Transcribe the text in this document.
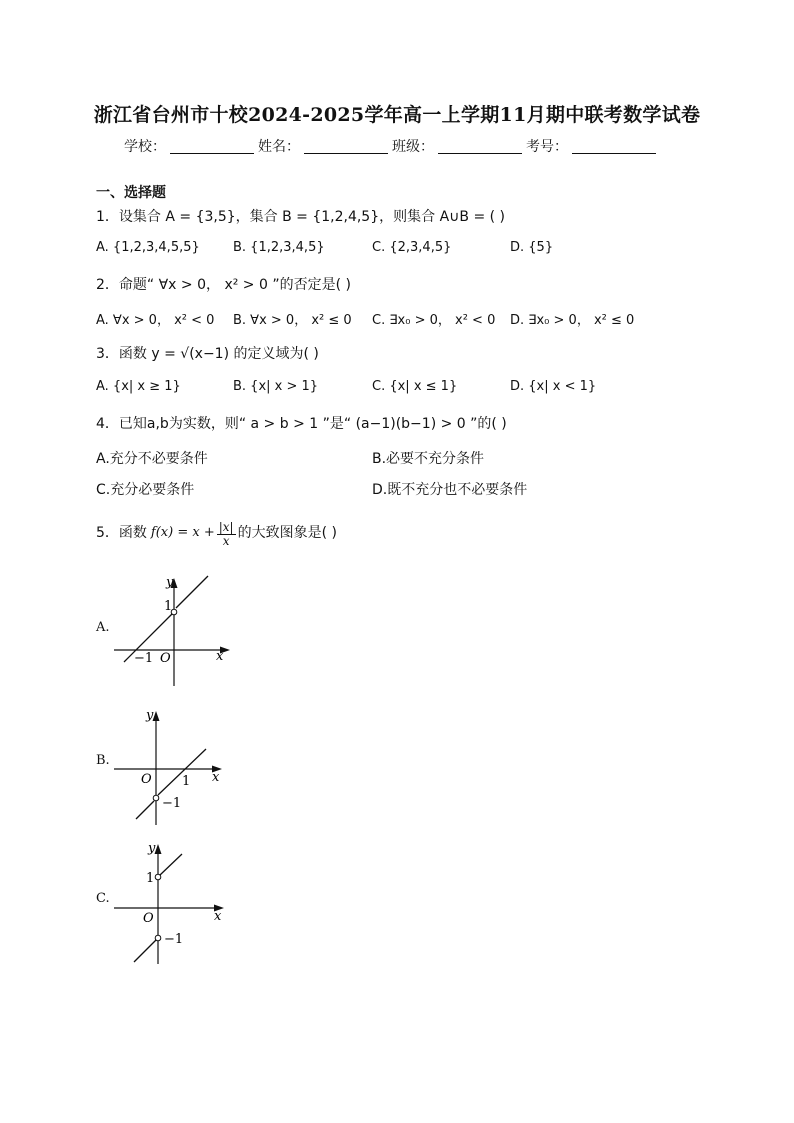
浙江省台州市十校2024-2025学年高一上学期11月期中联考数学试卷
学校：	姓名：	班级：	考号：
一、选择题
1．设集合 A = {3,5}，集合 B = {1,2,4,5}，则集合 A∪B = ( )
A. {1,2,3,4,5,5}	B. {1,2,3,4,5}	C. {2,3,4,5}	D. {5}
2．命题“ ∀x > 0， x² > 0 ”的否定是( )
A. ∀x > 0， x² < 0 B. ∀x > 0， x² ≤ 0 C. ∃x₀ > 0， x² < 0 D. ∃x₀ > 0， x² ≤ 0
3．函数 y = √(x−1) 的定义域为( )
A. {x| x ≥ 1}	B. {x| x > 1}	C. {x| x ≤ 1}	D. {x| x < 1}
4．已知a,b为实数，则“ a > b > 1 ”是“ (a−1)(b−1) > 0 ”的( )
A.充分不必要条件	B.必要不充分条件
C.充分必要条件	D.既不充分也不必要条件
5．函数 $f(x) = x + \frac{|x|}{x}$ 的大致图象是( )
A.
y
1
−1 O	x
B.
y
O 1
−1
x
C.
y
1
O
−1
x
